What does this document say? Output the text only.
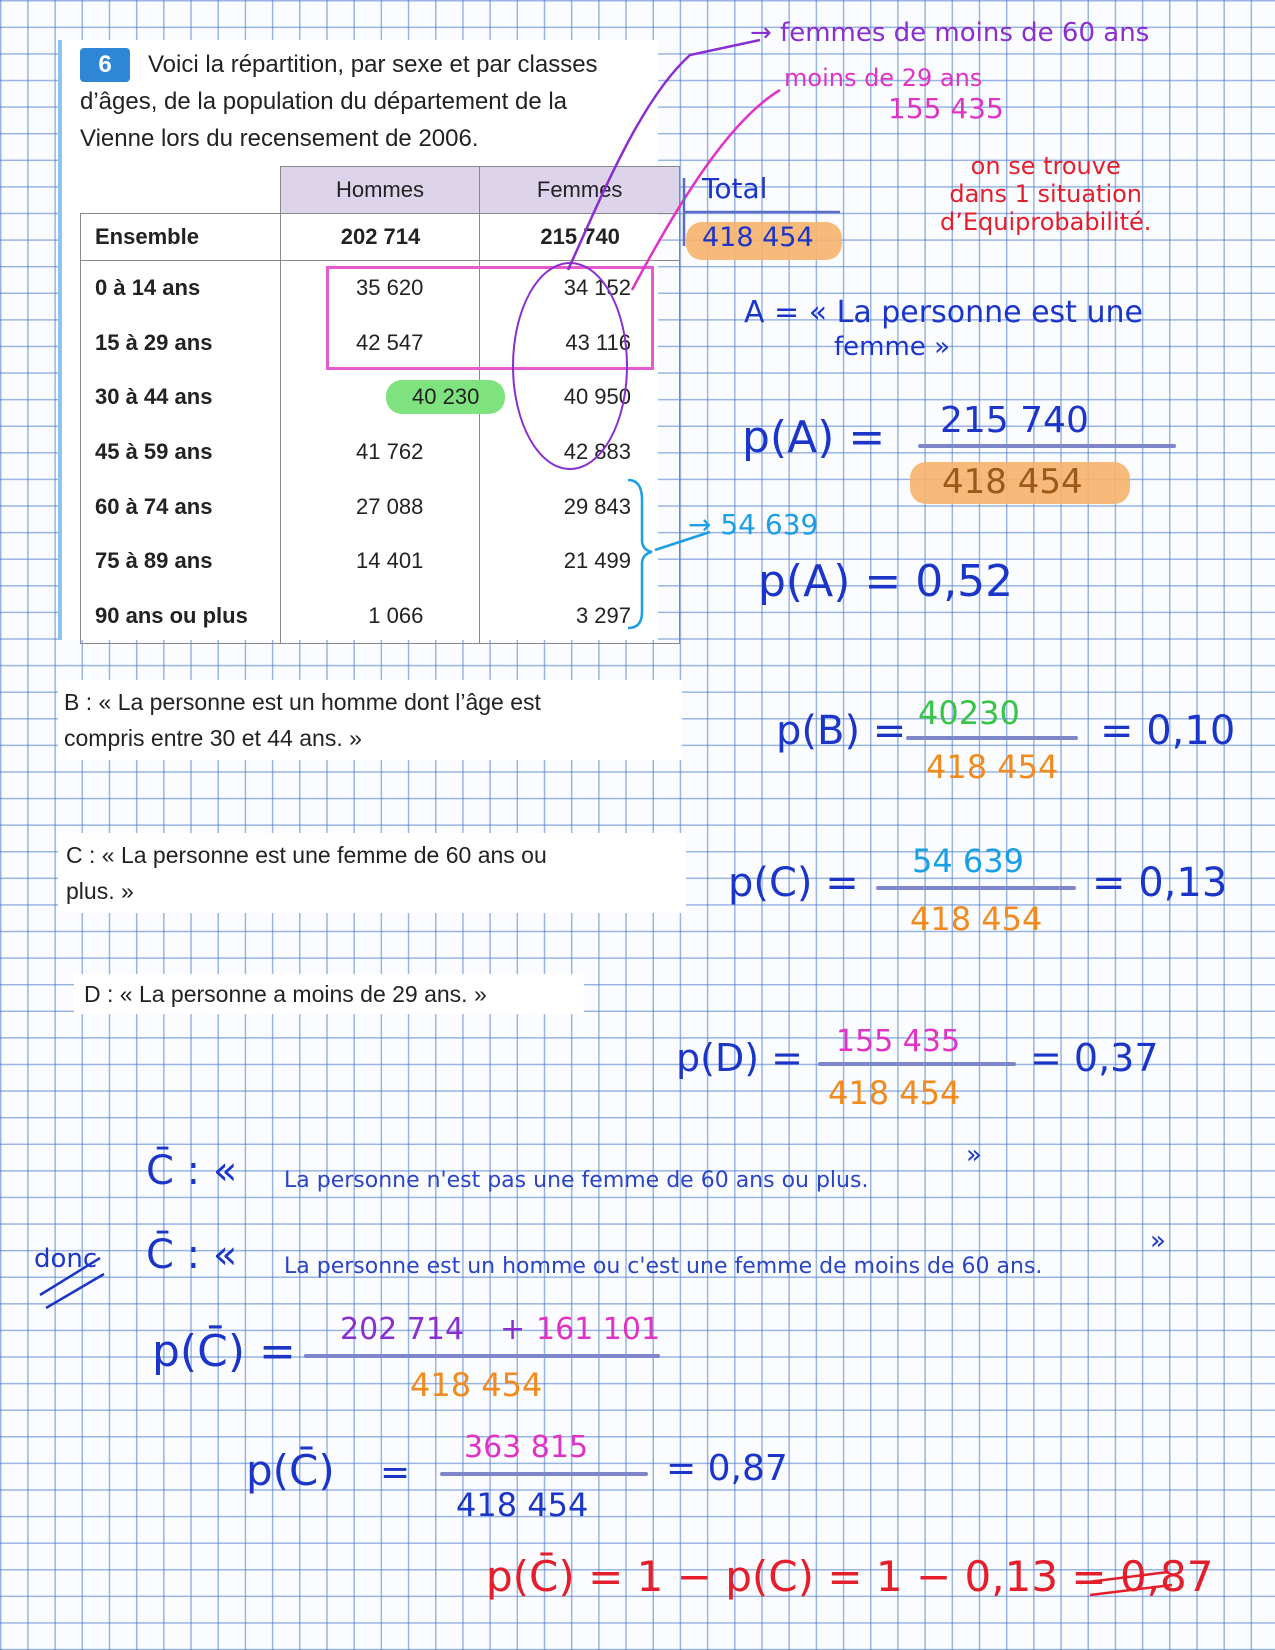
6	Voici la répartition, par sexe et par classes
d’âges, de la population du département de la
Vienne lors du recensement de 2006.
	Hommes	Femmes
Ensemble	202 714	215 740
0 à 14 ans	35 620	34 152
15 à 29 ans	42 547	43 116
30 à 44 ans	40 230	40 950
45 à 59 ans	41 762	42 883
60 à 74 ans	27 088	29 843
75 à 89 ans	14 401	21 499
90 ans ou plus	1 066	3 297
B : « La personne est un homme dont l’âge est
compris entre 30 et 44 ans. »
C : « La personne est une femme de 60 ans ou
plus. »
D : « La personne a moins de 29 ans. »
→ femmes de moins de 60 ans
moins de 29 ans
155 435
Total
418 454
on se trouve
dans 1 situation
d’Equiprobabilité.
A = « La personne est une
femme »
p(A) = 215 740
418 454
→ 54 639
p(A) = 0,52
p(B) = 40230
418 454
= 0,10
p(C) = 54 639
418 454
= 0,13
p(D) = 155 435
418 454
= 0,37
C̄ : « La personne n'est pas une femme de 60 ans ou plus.
»
donc C̄ : « La personne est un homme ou c'est une femme de moins de 60 ans.
»
p(C̄) = 202 714 + 161 101
418 454
p(C̄) =
363 815
418 454
= 0,87
p(C̄) = 1 − p(C) = 1 − 0,13 = 0,87
